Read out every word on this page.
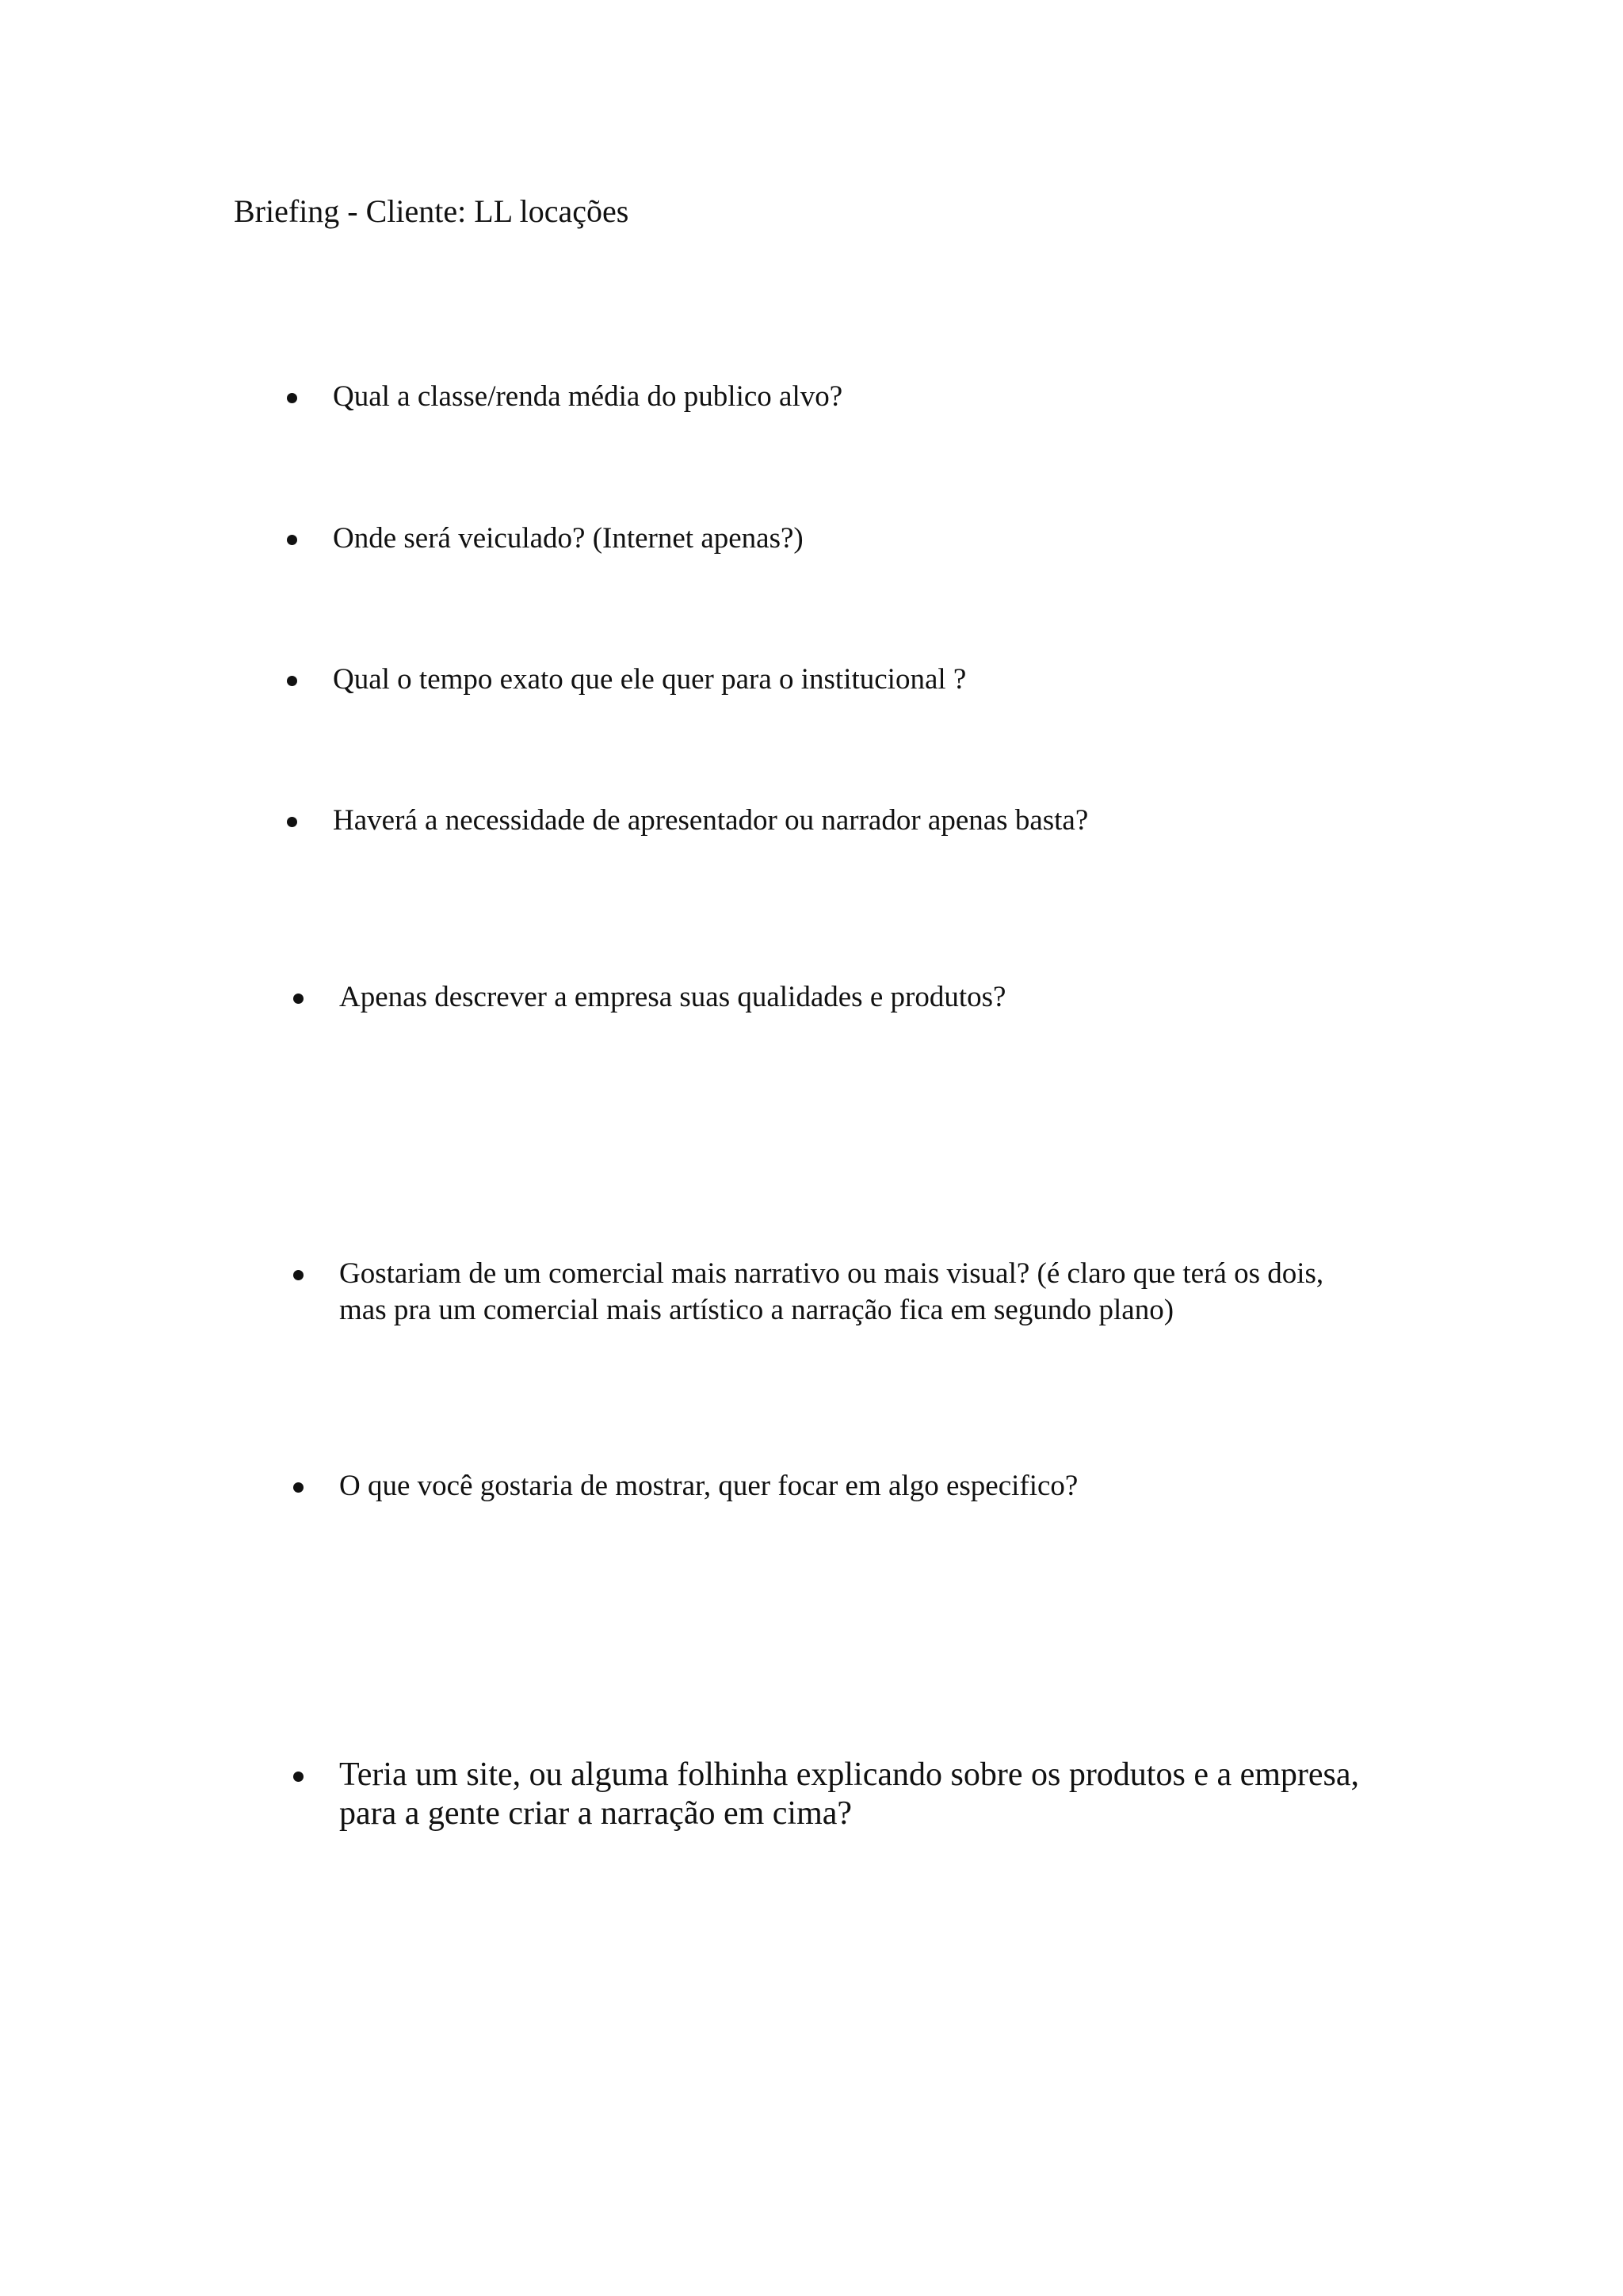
Briefing - Cliente: LL locações
Qual a classe/renda média do publico alvo?
Onde será veiculado? (Internet apenas?)
Qual o tempo exato que ele quer para o institucional ?
Haverá a necessidade de apresentador ou narrador apenas basta?
Apenas descrever a empresa suas qualidades e produtos?
Gostariam de um comercial mais narrativo ou mais visual? (é claro que terá os dois,
mas pra um comercial mais artístico a narração fica em segundo plano)
O que você gostaria de mostrar, quer focar em algo especifico?
Teria um site, ou alguma folhinha explicando sobre os produtos e a empresa,
para a gente criar a narração em cima?
